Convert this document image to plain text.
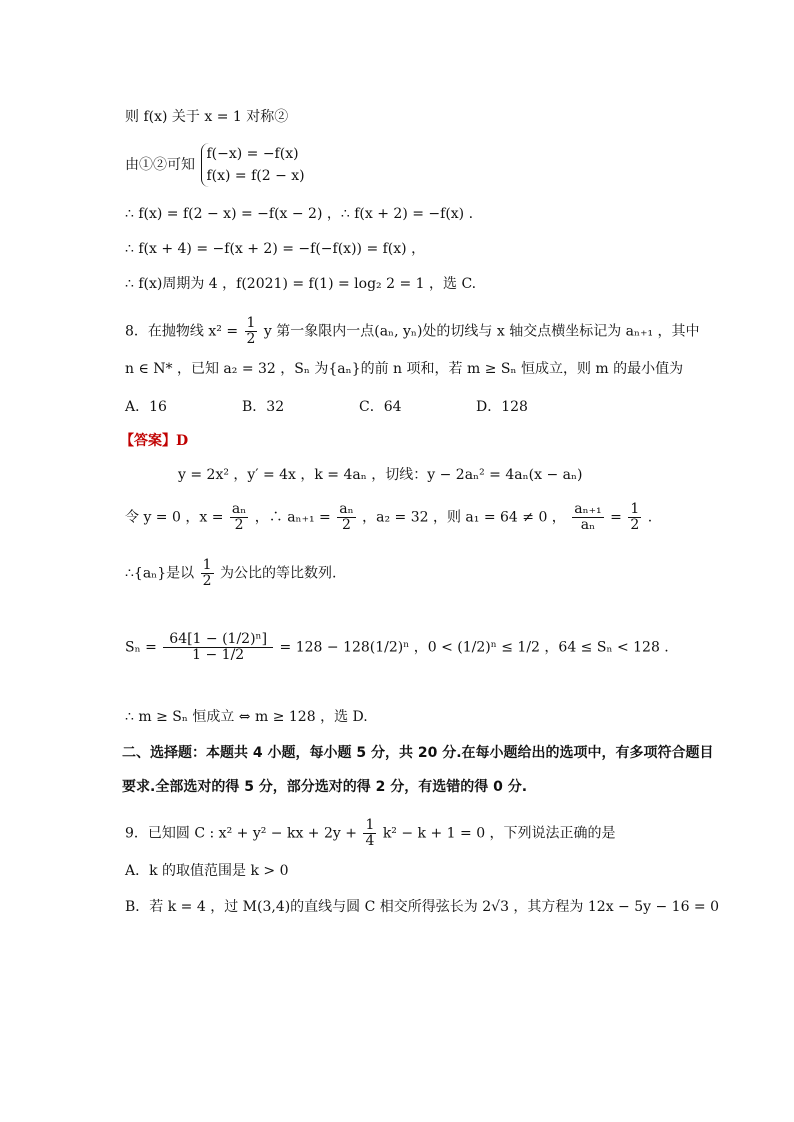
则 f(x) 关于 x = 1 对称②
由①②可知
f(−x) = −f(x)
f(x) = f(2 − x)
∴ f(x) = f(2 − x) = −f(x − 2) ，∴ f(x + 2) = −f(x) .
∴ f(x + 4) = −f(x + 2) = −f(−f(x)) = f(x) ，
∴ f(x)周期为 4 ，f(2021) = f(1) = log₂ 2 = 1 ，选 C.
8．在抛物线 $x^2 = \frac{1}{2}$ y 第一象限内一点(aₙ, yₙ)处的切线与 x 轴交点横坐标记为 aₙ₊₁ ，其中
n ∈ N* ，已知 a₂ = 32 ，Sₙ 为{aₙ}的前 n 项和，若 m ≥ Sₙ 恒成立，则 m 的最小值为
A．16	B．32	C．64	D．128
【答案】D
y = 2x² ，y′ = 4x ，k = 4aₙ ，切线：y − 2aₙ² = 4aₙ(x − aₙ)
令 y = 0 ，$x = \frac{\text{aₙ}}{2}$ ，∴ $a_{n+1} = \frac{\text{aₙ}}{2}$ ，a₂ = 32 ，则 a₁ = 64 ≠ 0 ， $\frac{\text{aₙ₊₁}}{\text{aₙ}} = \frac{1}{2}$ .
∴{aₙ}是以 $\frac{1}{2}$ 为公比的等比数列.
$S_n = \frac{\text{64[1 − (1/2)ⁿ]}}{1 - 1/2} = 128 - 128(1/2)^n$ ，0 < (1/2)ⁿ ≤ 1/2 ，64 ≤ Sₙ < 128 .
∴ m ≥ Sₙ 恒成立 ⇔ m ≥ 128 ，选 D.
二、选择题：本题共 4 小题，每小题 5 分，共 20 分.在每小题给出的选项中，有多项符合题目
要求.全部选对的得 5 分，部分选对的得 2 分，有选错的得 0 分.
9．已知圆 C : x² + y² − kx + $2y + \frac{1}{4} k^2 - k + 1 = 0$ ，下列说法正确的是
A．k 的取值范围是 k > 0
B．若 k = 4 ，过 M(3,4)的直线与圆 C 相交所得弦长为 2√3 ，其方程为 12x − 5y − 16 = 0
